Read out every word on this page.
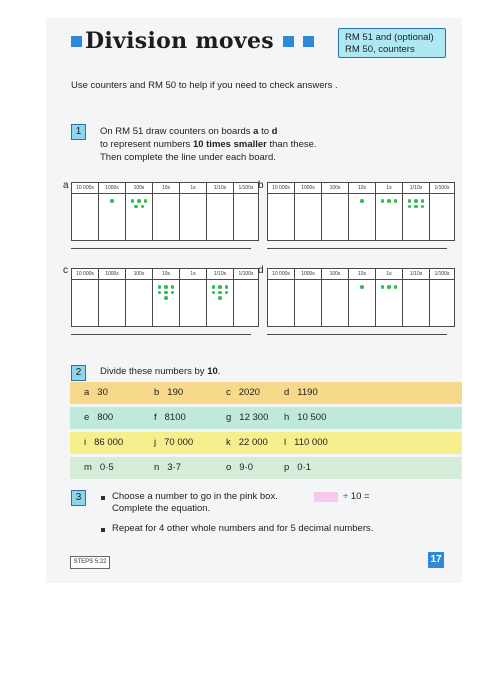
Division moves	RM 51 and (optional)
RM 50, counters
Use counters and RM 50 to help if you need to check answers .
1	On RM 51 draw counters on boards a to d
to represent numbers 10 times smaller than these.
Then complete the line under each board.
a 10 000s	1000s	100s	10s	1s	1/10s	1/100s

	b 10 000s	1000s	100s	10s	1s	1/10s	1/100s

c 10 000s	1000s	100s	10s	1s	1/10s	1/100s

	d 10 000s	1000s	100s	10s	1s	1/10s	1/100s

2	Divide these numbers by 10.
a 30	b 190	c 2020	d 1190
e 800	f 8100	g 12 300 h 10 500
i 86 000	j 70 000	k 22 000 l 110 000
m 0·5	n 3·7	o 9·0	p 0·1
3	Choose a number to go in the pink box.
Complete the equation.
÷ 10 =
Repeat for 4 other whole numbers and for 5 decimal numbers.
STEPS 5:22	17
